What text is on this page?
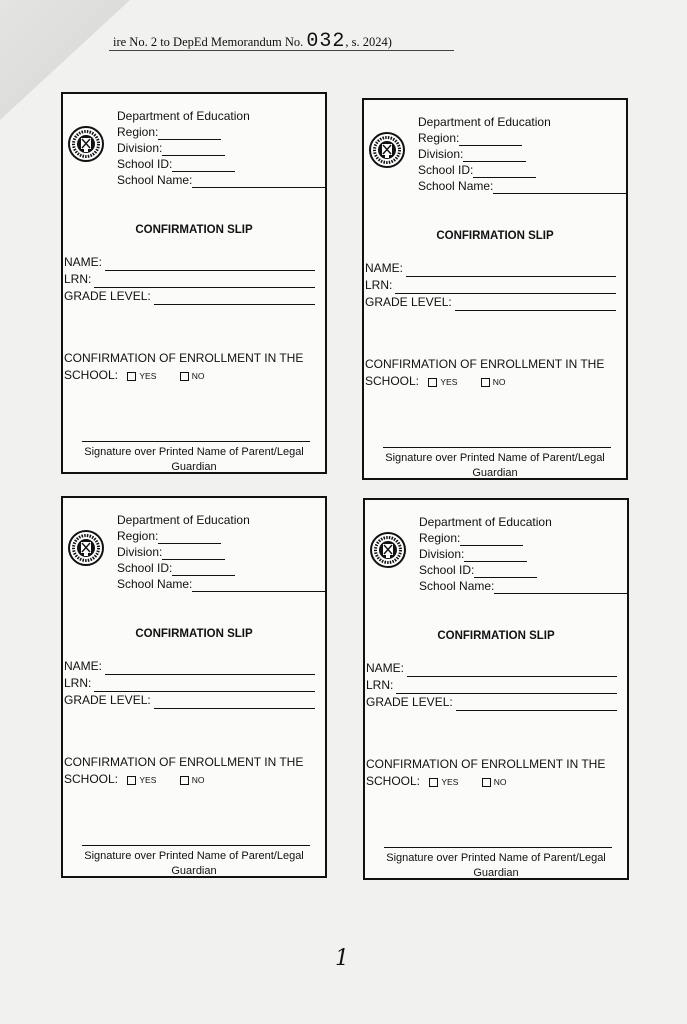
ire No. 2 to DepEd Memorandum No. 032, s. 2024)
Department of Education
Region:
Division:
School ID:
School Name:
CONFIRMATION SLIP
NAME:
LRN:
GRADE LEVEL:
CONFIRMATION OF ENROLLMENT IN THE
SCHOOL:	YES	NO
Signature over Printed Name of Parent/Legal
Guardian
Department of Education
Region:
Division:
School ID:
School Name:
CONFIRMATION SLIP
NAME:
LRN:
GRADE LEVEL:
CONFIRMATION OF ENROLLMENT IN THE
SCHOOL:	YES	NO
Signature over Printed Name of Parent/Legal
Guardian
Department of Education
Region:
Division:
School ID:
School Name:
CONFIRMATION SLIP
NAME:
LRN:
GRADE LEVEL:
CONFIRMATION OF ENROLLMENT IN THE
SCHOOL:	YES	NO
Signature over Printed Name of Parent/Legal
Guardian
Department of Education
Region:
Division:
School ID:
School Name:
CONFIRMATION SLIP
NAME:
LRN:
GRADE LEVEL:
CONFIRMATION OF ENROLLMENT IN THE
SCHOOL:	YES	NO
Signature over Printed Name of Parent/Legal
Guardian
1
